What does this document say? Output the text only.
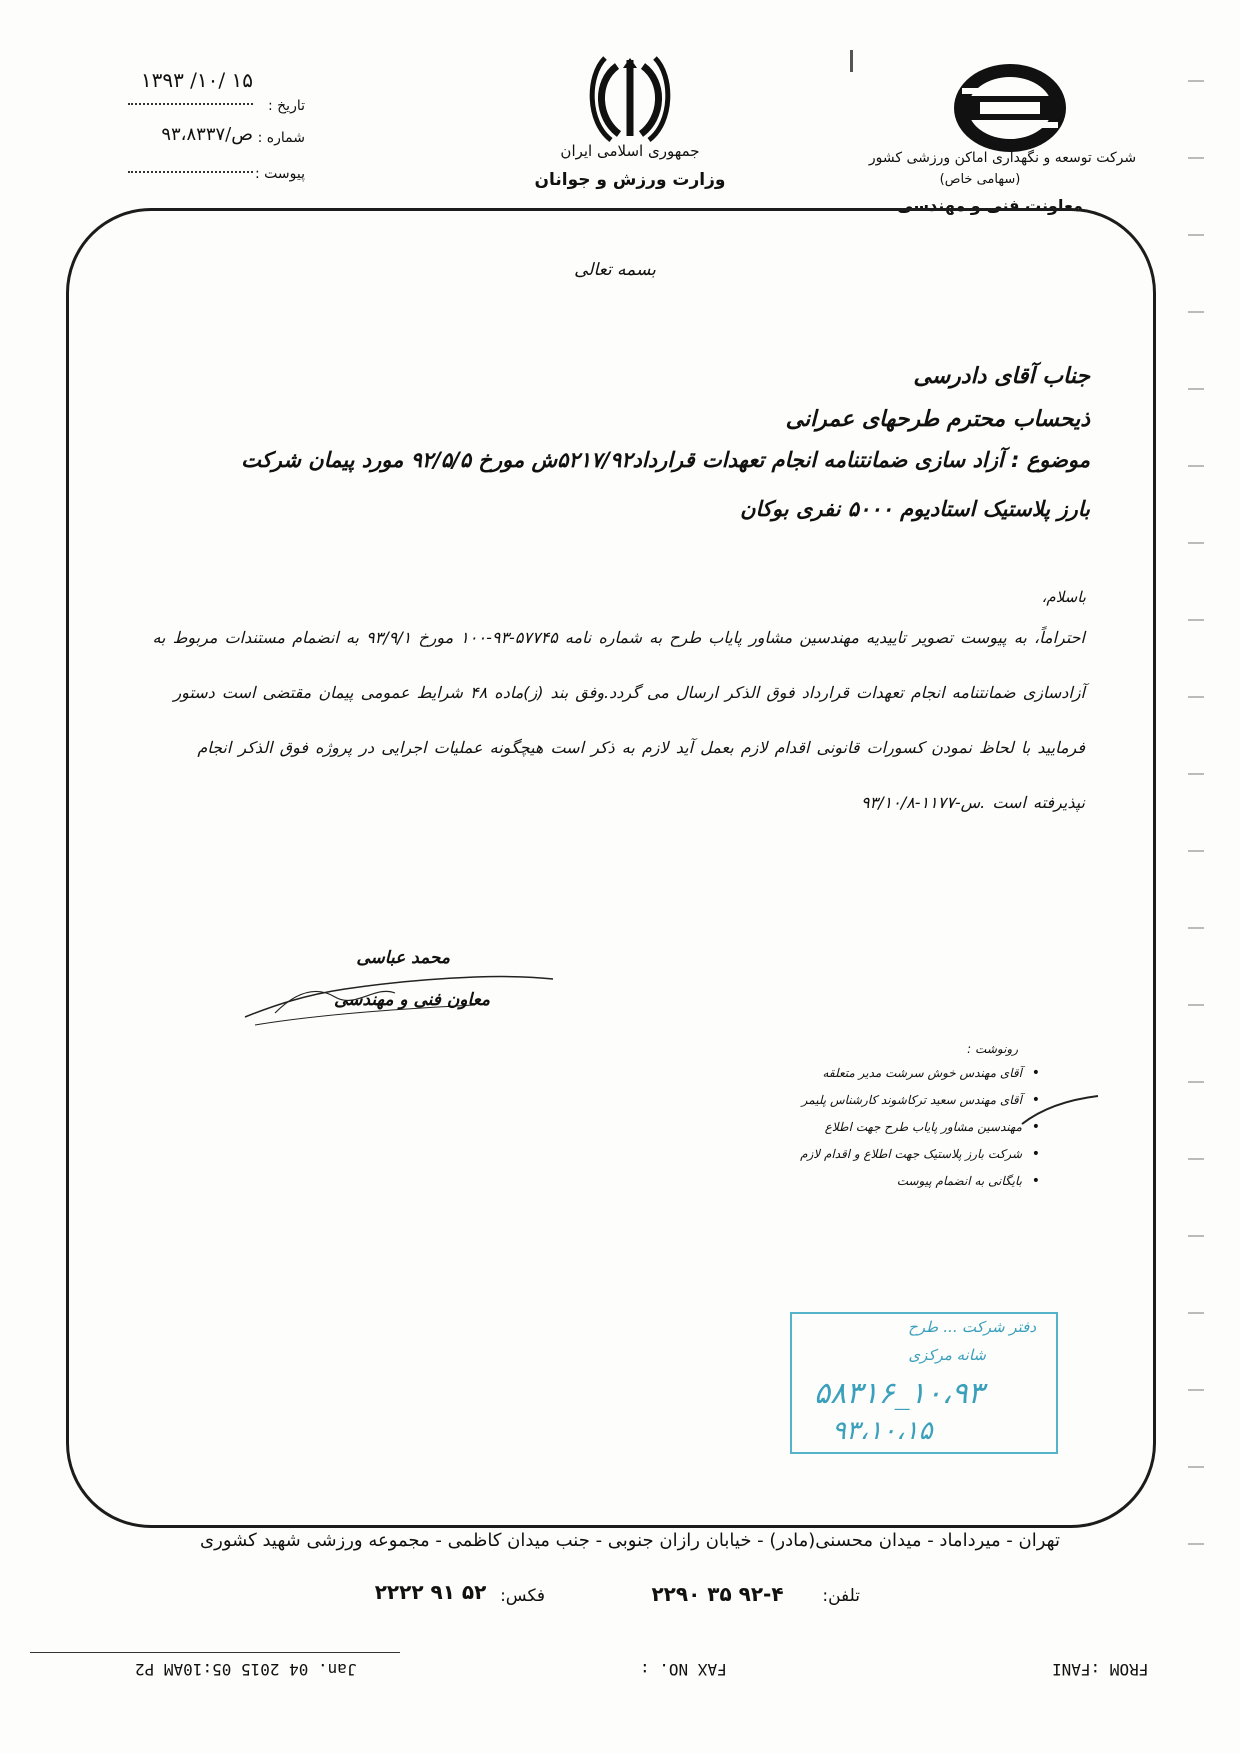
شرکت توسعه و نگهداری اماکن ورزشی کشور
(سهامی خاص)
معاونت فنی و مهندسی
جمهوری اسلامی ایران
وزارت ورزش و جوانان
تاریخ :
۱۳۹۳ /۱۰/ ۱۵
شماره :
۹۳،۸۳۳۷/ص
پیوست :
بسمه تعالی
جناب آقای دادرسی
ذیحساب محترم طرحهای عمرانی
موضوع : آزاد سازی ضمانتنامه انجام تعهدات قرارداد۵۲۱۷/۹۲ش مورخ ۹۲/۵/۵ مورد پیمان شرکت
بارز پلاستیک استادیوم ۵۰۰۰ نفری بوکان
باسلام،
احتراماً، به پیوست تصویر تاییدیه مهندسین مشاور پایاب طرح به شماره نامه ۵۷۷۴۵-۹۳-۱۰۰ مورخ ۹۳/۹/۱ به انضمام مستندات مربوط به آزادسازی ضمانتنامه انجام تعهدات قرارداد فوق الذکر ارسال می گردد.وفق بند (ز)ماده ۴۸ شرایط عمومی پیمان مقتضی است دستور فرمایید با لحاظ نمودن کسورات قانونی اقدام لازم بعمل آید لازم به ذکر است هیچگونه عملیات اجرایی در پروژه فوق الذکر انجام نپذیرفته است .س-۱۱۷۷-۹۳/۱۰/۸
محمد عباسی
معاون فنی و مهندسی
رونوشت :
• آقای مهندس خوش سرشت مدیر متعلقه
• آقای مهندس سعید ترکاشوند کارشناس پلیمر
• مهندسین مشاور پایاب طرح جهت اطلاع
• شرکت بارز پلاستیک جهت اطلاع و اقدام لازم
• بایگانی به انضمام پیوست
دفتر شرکت ... طرح
شانه مرکزی
۱۰،۹۳_۵۸۳۱۶
۹۳،۱۰،۱۵
تهران - میرداماد - میدان محسنی(مادر) - خیابان رازان جنوبی - جنب میدان کاظمی - مجموعه ورزشی شهید کشوری
تلفن:
۲۲۹۰ ۳۵ ۹۲-۴
فکس:
۲۲۲۲ ۹۱ ۵۲
FROM :FANI
FAX NO. :
Jan. 04 2015 05:10AM P2
